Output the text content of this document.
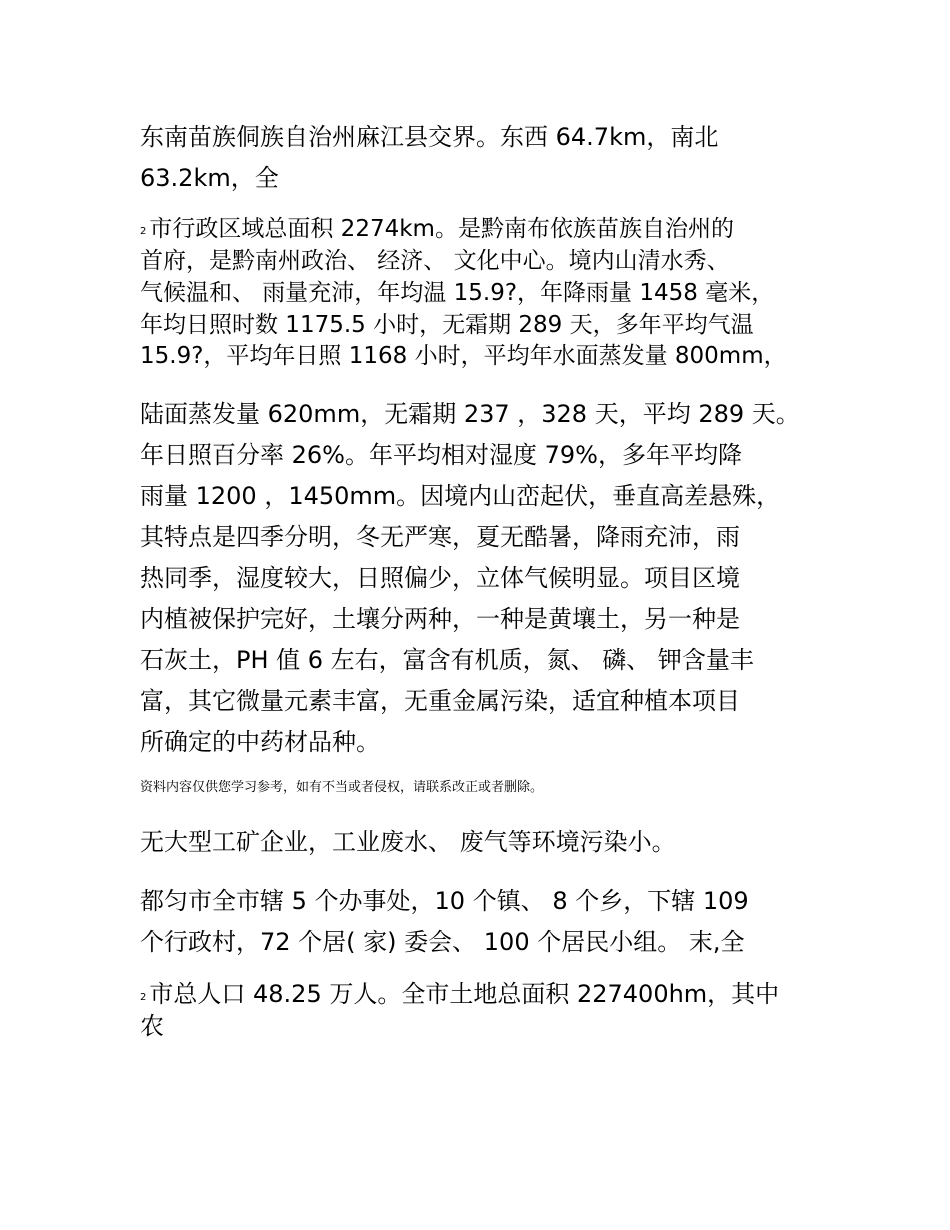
东南苗族侗族自治州麻江县交界。东西 64.7km，南北
63.2km，全
$^2$ 市行政区域总面积 2274km。是黔南布依族苗族自治州的
首府，是黔南州政治、 经济、 文化中心。境内山清水秀、
气候温和、 雨量充沛，年均温 15.9?，年降雨量 1458 毫米，
年均日照时数 1175.5 小时，无霜期 289 天，多年平均气温
15.9?，平均年日照 1168 小时，平均年水面蒸发量 800mm，
陆面蒸发量 620mm，无霜期 237 ，328 天，平均 289 天。
年日照百分率 26%。年平均相对湿度 79%，多年平均降
雨量 1200 ，1450mm。因境内山峦起伏，垂直高差悬殊，
其特点是四季分明，冬无严寒，夏无酷暑，降雨充沛，雨
热同季，湿度较大，日照偏少，立体气候明显。项目区境
内植被保护完好，土壤分两种，一种是黄壤土，另一种是
石灰土，PH 值 6 左右，富含有机质，氮、 磷、 钾含量丰
富，其它微量元素丰富，无重金属污染，适宜种植本项目
所确定的中药材品种。
资料内容仅供您学习参考，如有不当或者侵权，请联系改正或者删除。
无大型工矿企业，工业废水、 废气等环境污染小。
都匀市全市辖 5 个办事处，10 个镇、 8 个乡，下辖 109
个行政村，72 个居( 家) 委会、 100 个居民小组。 末,全
$^2$ 市总人口 48.25 万人。全市土地总面积 227400hm，其中
农
